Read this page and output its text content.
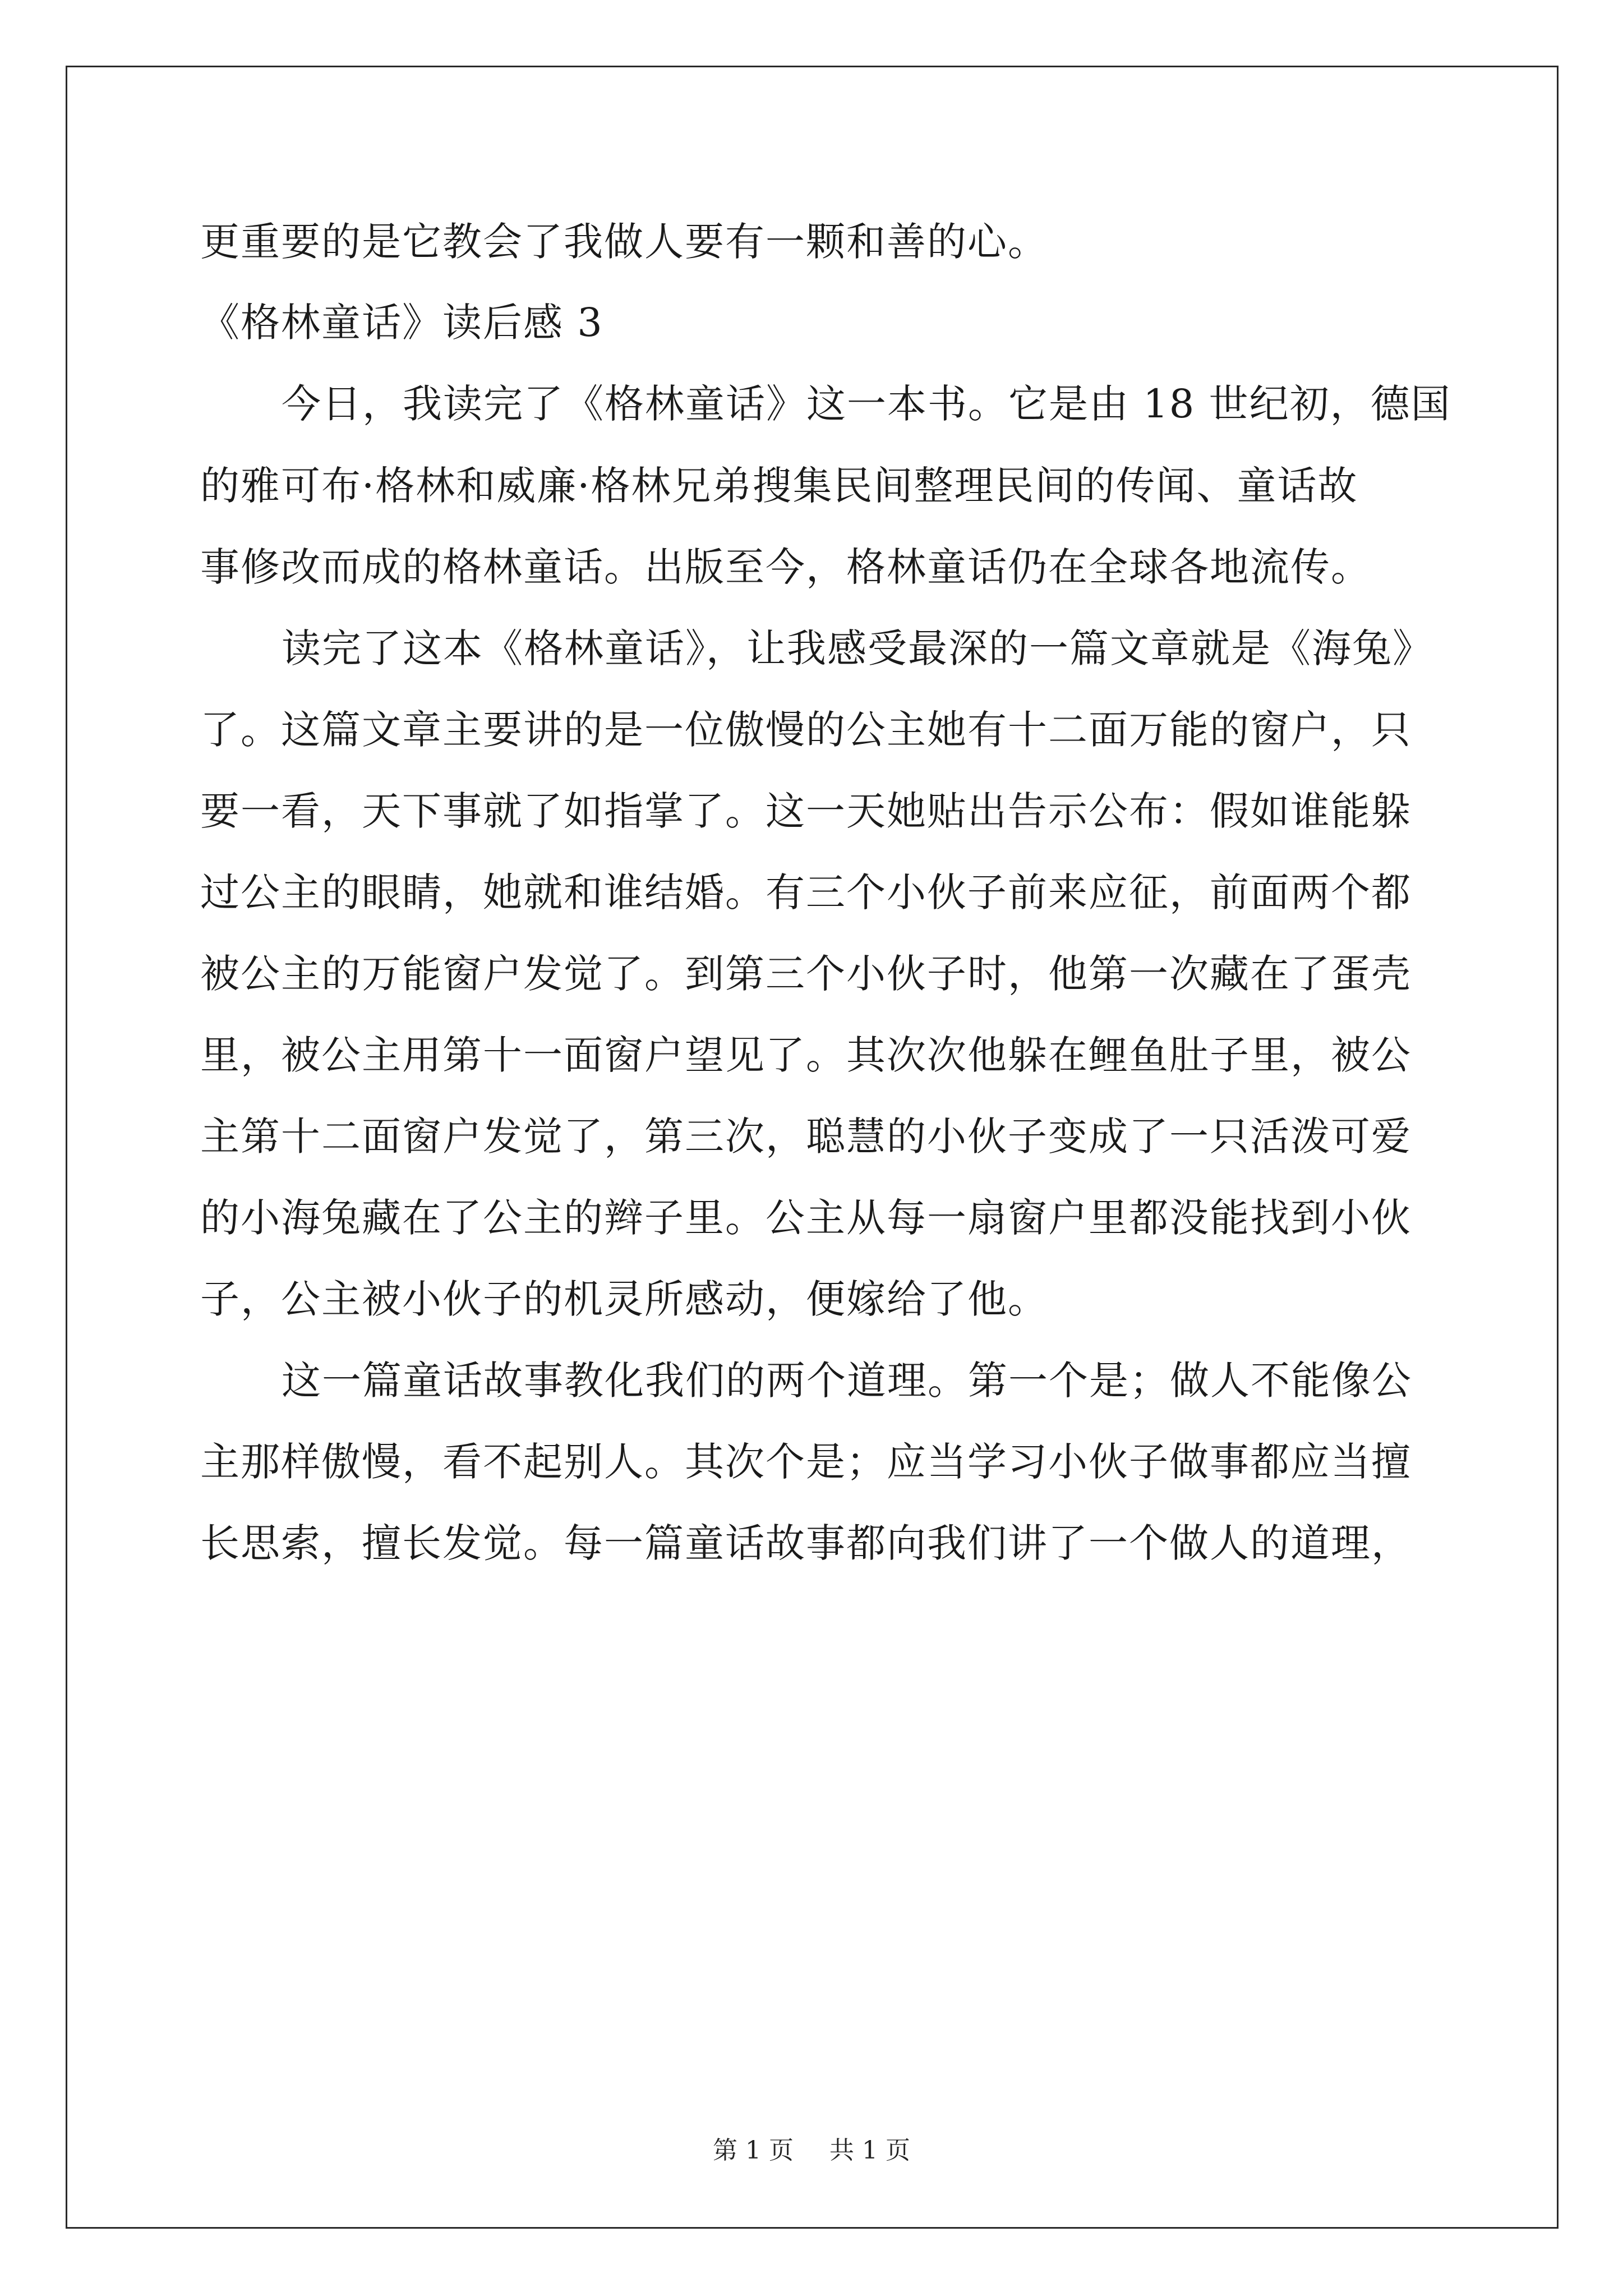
更重要的是它教会了我做人要有一颗和善的心。
《格林童话》读后感 3
今日，我读完了《格林童话》这一本书。它是由 18 世纪初，德国
的雅可布·格林和威廉·格林兄弟搜集民间整理民间的传闻、童话故
事修改而成的格林童话。出版至今，格林童话仍在全球各地流传。
读完了这本《格林童话》，让我感受最深的一篇文章就是《海兔》
了。这篇文章主要讲的是一位傲慢的公主她有十二面万能的窗户，只
要一看，天下事就了如指掌了。这一天她贴出告示公布：假如谁能躲
过公主的眼睛，她就和谁结婚。有三个小伙子前来应征，前面两个都
被公主的万能窗户发觉了。到第三个小伙子时，他第一次藏在了蛋壳
里，被公主用第十一面窗户望见了。其次次他躲在鲤鱼肚子里，被公
主第十二面窗户发觉了，第三次，聪慧的小伙子变成了一只活泼可爱
的小海兔藏在了公主的辫子里。公主从每一扇窗户里都没能找到小伙
子，公主被小伙子的机灵所感动，便嫁给了他。
这一篇童话故事教化我们的两个道理。第一个是；做人不能像公
主那样傲慢，看不起别人。其次个是；应当学习小伙子做事都应当擅
长思索，擅长发觉。每一篇童话故事都向我们讲了一个做人的道理，
第 1 页 共 1 页
